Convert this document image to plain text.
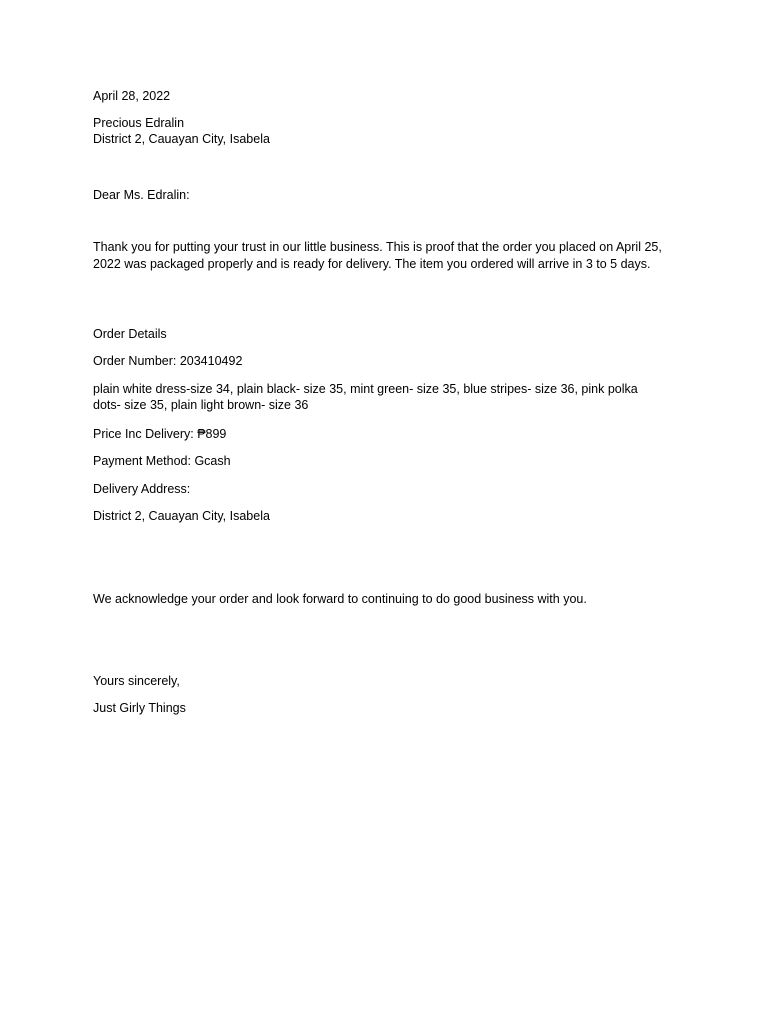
April 28, 2022
Precious Edralin
District 2, Cauayan City, Isabela
Dear Ms. Edralin:
Thank you for putting your trust in our little business. This is proof that the order you placed on April 25, 2022 was packaged properly and is ready for delivery. The item you ordered will arrive in 3 to 5 days.
Order Details
Order Number: 203410492
plain white dress-size 34, plain black- size 35, mint green- size 35, blue stripes- size 36, pink polka
dots- size 35, plain light brown- size 36
Price Inc Delivery: ₱899
Payment Method: Gcash
Delivery Address:
District 2, Cauayan City, Isabela
We acknowledge your order and look forward to continuing to do good business with you.
Yours sincerely,
Just Girly Things
